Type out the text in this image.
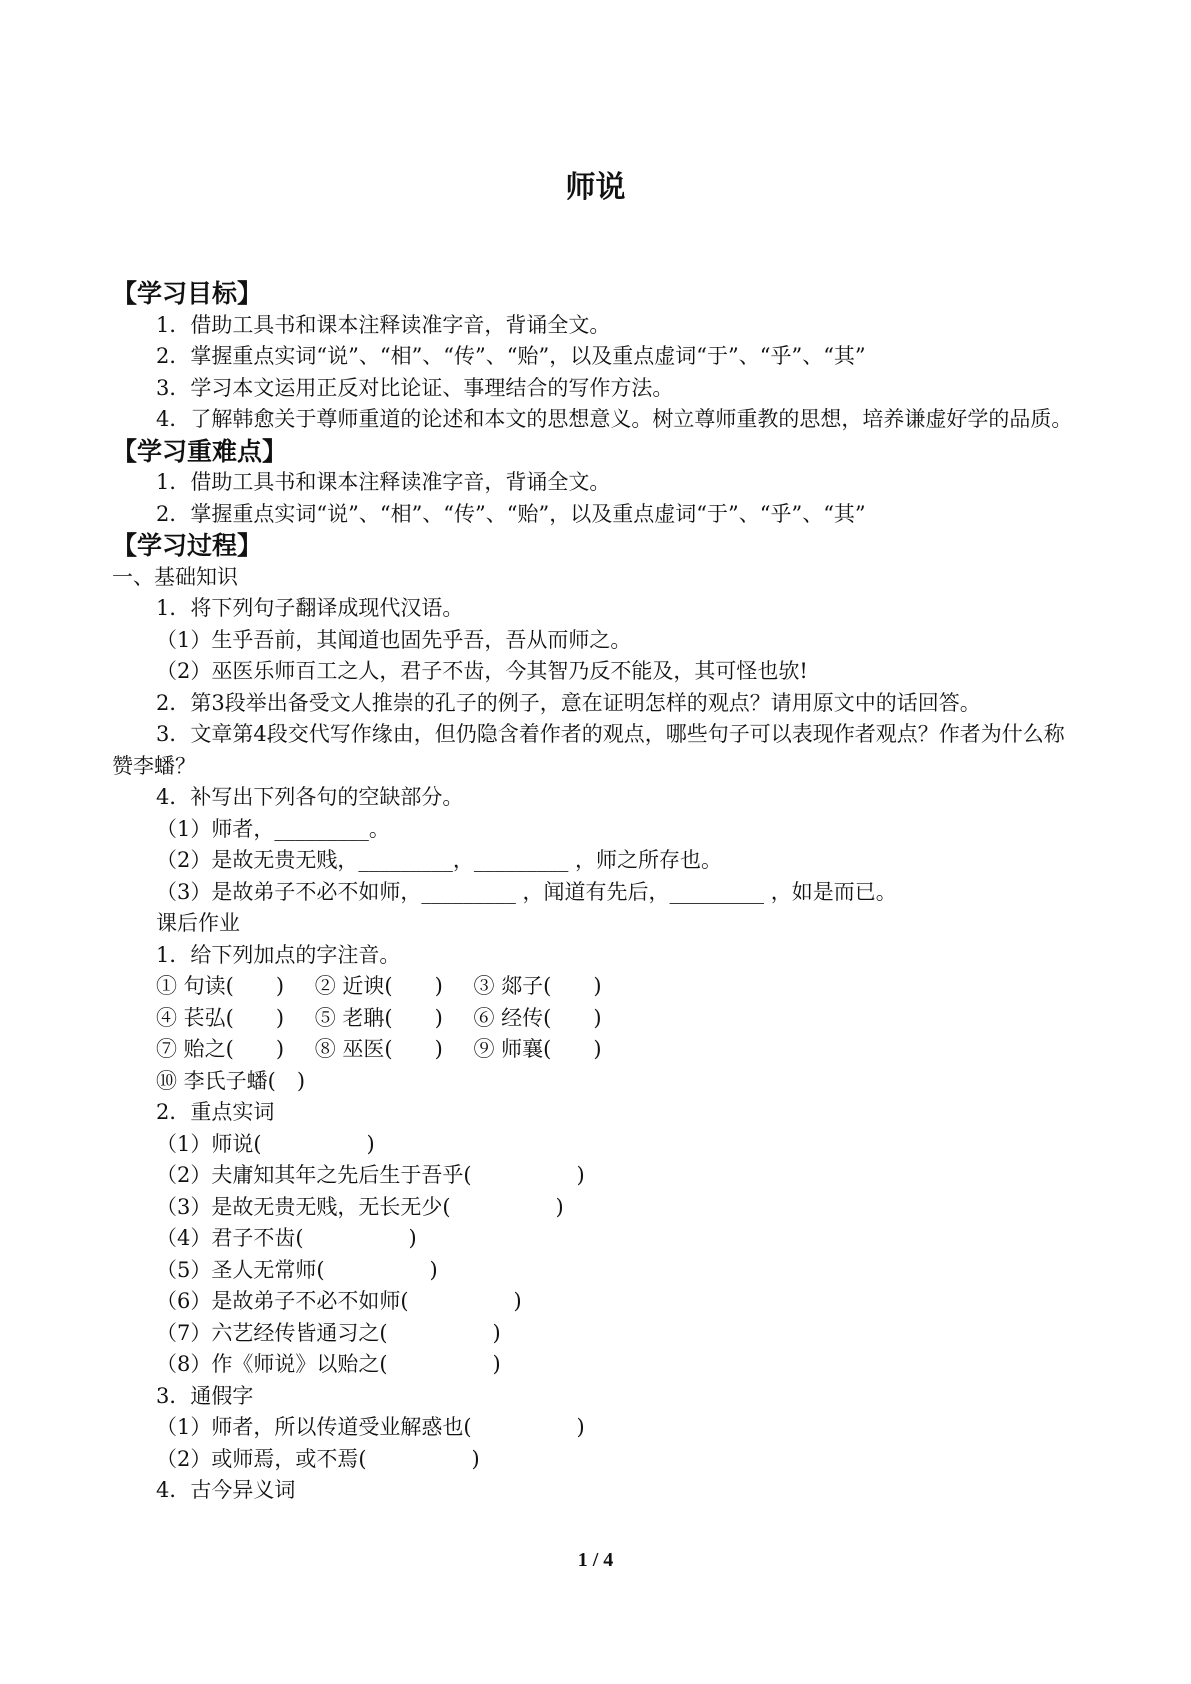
师说
【学习目标】
1．借助工具书和课本注释读准字音，背诵全文。
2．掌握重点实词“说”、“相”、“传”、“贻”，以及重点虚词“于”、“乎”、“其”
3．学习本文运用正反对比论证、事理结合的写作方法。
4．了解韩愈关于尊师重道的论述和本文的思想意义。树立尊师重教的思想，培养谦虚好学的品质。
【学习重难点】
1．借助工具书和课本注释读准字音，背诵全文。
2．掌握重点实词“说”、“相”、“传”、“贻”，以及重点虚词“于”、“乎”、“其”
【学习过程】
一、基础知识
1．将下列句子翻译成现代汉语。
（1）生乎吾前，其闻道也固先乎吾，吾从而师之。
（2）巫医乐师百工之人，君子不齿，今其智乃反不能及，其可怪也欤!
2．第3段举出备受文人推崇的孔子的例子，意在证明怎样的观点？请用原文中的话回答。
3．文章第4段交代写作缘由，但仍隐含着作者的观点，哪些句子可以表现作者观点？作者为什么称赞李蟠？
4．补写出下列各句的空缺部分。
（1）师者，_________。
（2）是故无贵无贱，_________，_________ ，师之所存也。
（3）是故弟子不必不如师，_________ ，闻道有先后，_________ ，如是而已。
课后作业
1．给下列加点的字注音。
① 句读(　　) ② 近谀(　　) ③ 郯子(　　)
④ 苌弘(　　) ⑤ 老聃(　　) ⑥ 经传(　　)
⑦ 贻之(　　) ⑧ 巫医(　　) ⑨ 师襄(　　)
⑩ 李氏子蟠(　)
2．重点实词
（1）师说(　　　　　)
（2）夫庸知其年之先后生于吾乎(　　　　　)
（3）是故无贵无贱，无长无少(　　　　　)
（4）君子不齿(　　　　　)
（5）圣人无常师(　　　　　)
（6）是故弟子不必不如师(　　　　　)
（7）六艺经传皆通习之(　　　　　)
（8）作《师说》以贻之(　　　　　)
3．通假字
（1）师者，所以传道受业解惑也(　　　　　)
（2）或师焉，或不焉(　　　　　)
4．古今异义词
1 / 4
